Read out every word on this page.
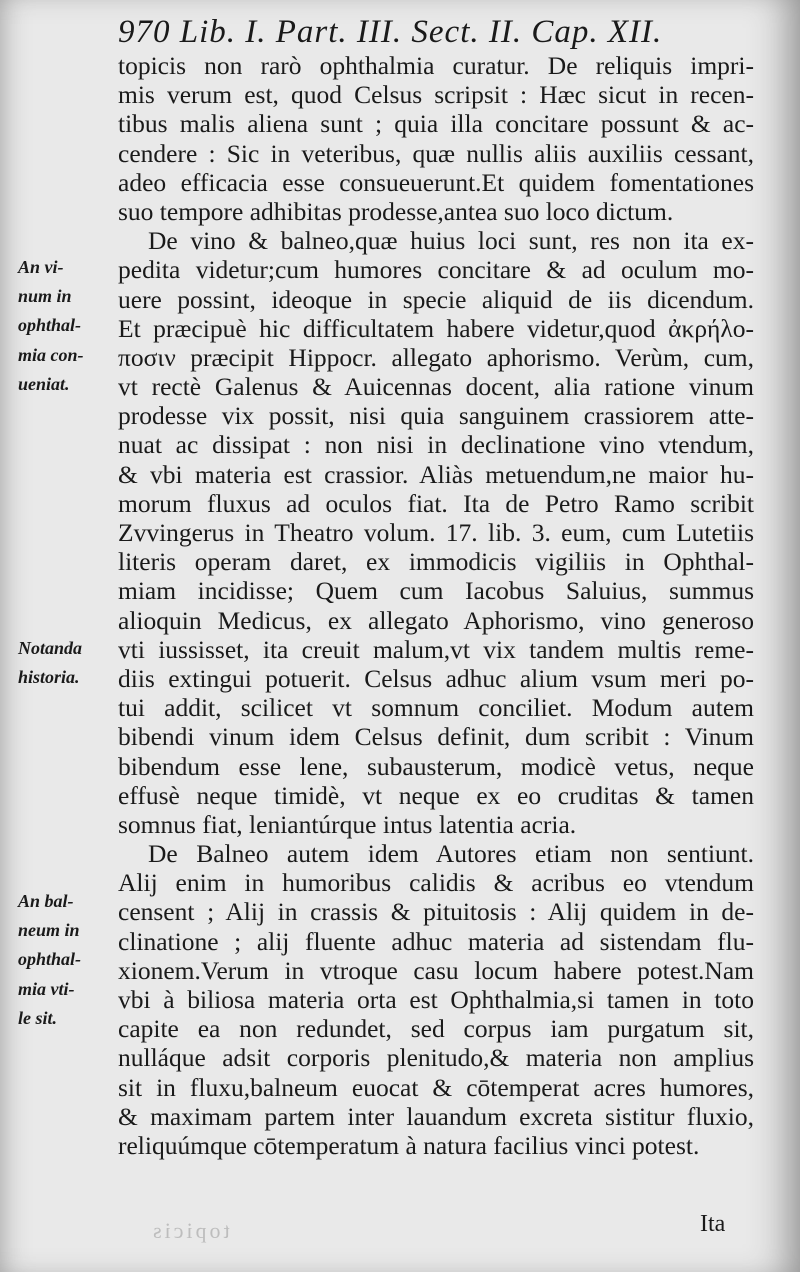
970 Lib. I. Part. III. Sect. II. Cap. XII.
topicis non rarò ophthalmia curatur. De reliquis impri-
mis verum est, quod Celsus scripsit : Hæc sicut in recen-
tibus malis aliena sunt ; quia illa concitare possunt & ac-
cendere : Sic in veteribus, quæ nullis aliis auxiliis cessant,
adeo efficacia esse consueuerunt.Et quidem fomentationes
suo tempore adhibitas prodesse,antea suo loco dictum.
De vino & balneo,quæ huius loci sunt, res non ita ex-
pedita videtur;cum humores concitare & ad oculum mo-
uere possint, ideoque in specie aliquid de iis dicendum.
Et præcipuè hic difficultatem habere videtur,quod ἀκρήλο-
ποσιν præcipit Hippocr. allegato aphorismo. Verùm, cum,
vt rectè Galenus & Auicennas docent, alia ratione vinum
prodesse vix possit, nisi quia sanguinem crassiorem atte-
nuat ac dissipat : non nisi in declinatione vino vtendum,
& vbi materia est crassior. Aliàs metuendum,ne maior hu-
morum fluxus ad oculos fiat. Ita de Petro Ramo scribit
Zvvingerus in Theatro volum. 17. lib. 3. eum, cum Lutetiis
literis operam daret, ex immodicis vigiliis in Ophthal-
miam incidisse; Quem cum Iacobus Saluius, summus
alioquin Medicus, ex allegato Aphorismo, vino generoso
vti iussisset, ita creuit malum,vt vix tandem multis reme-
diis extingui potuerit. Celsus adhuc alium vsum meri po-
tui addit, scilicet vt somnum conciliet. Modum autem
bibendi vinum idem Celsus definit, dum scribit : Vinum
bibendum esse lene, subausterum, modicè vetus, neque
effusè neque timidè, vt neque ex eo cruditas & tamen
somnus fiat, leniantúrque intus latentia acria.
De Balneo autem idem Autores etiam non sentiunt.
Alij enim in humoribus calidis & acribus eo vtendum
censent ; Alij in crassis & pituitosis : Alij quidem in de-
clinatione ; alij fluente adhuc materia ad sistendam flu-
xionem.Verum in vtroque casu locum habere potest.Nam
vbi à biliosa materia orta est Ophthalmia,si tamen in toto
capite ea non redundet, sed corpus iam purgatum sit,
nulláque adsit corporis plenitudo,& materia non amplius
sit in fluxu,balneum euocat & cōtemperat acres humores,
& maximam partem inter lauandum excreta sistitur fluxio,
reliquúmque cōtemperatum à natura facilius vinci potest.
An vi-
num in
ophthal-
mia con-
ueniat.
Notanda
historia.
An bal-
neum in
ophthal-
mia vti-
le sit.
topicis	Ita
